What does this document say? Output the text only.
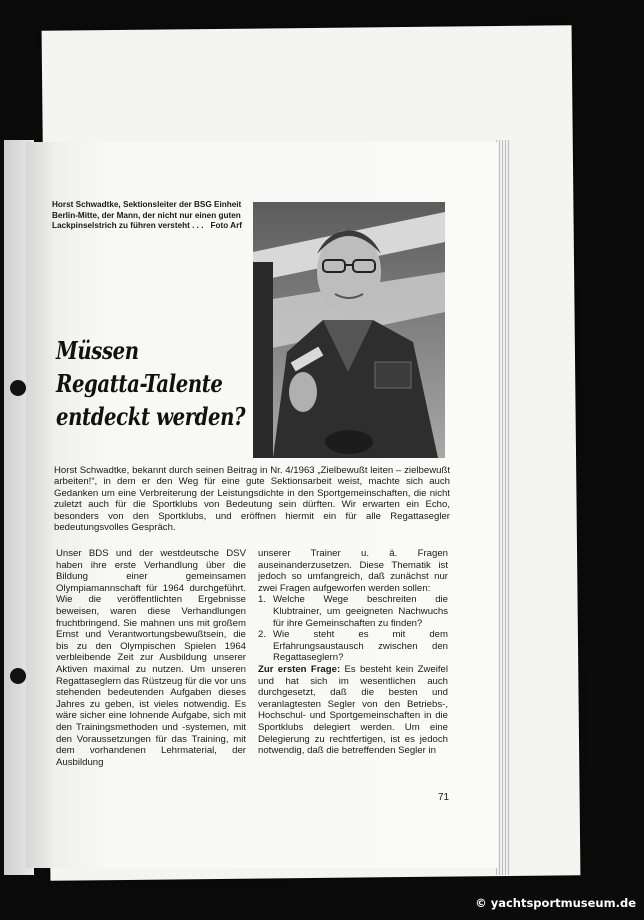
Horst Schwadtke, Sektionsleiter der BSG Einheit Berlin-Mitte, der Mann, der nicht nur einen guten Lackpinselstrich zu führen versteht . . . Foto Arf
Müssen
Regatta-Talente
entdeckt werden?
Horst Schwadtke, bekannt durch seinen Beitrag in Nr. 4/1963 „Zielbewußt leiten – zielbewußt arbeiten!“, in dem er den Weg für eine gute Sektionsarbeit weist, machte sich auch Gedanken um eine Verbreiterung der Leistungsdichte in den Sportgemeinschaften, die nicht zuletzt auch für die Sportklubs von Bedeutung sein dürften. Wir erwarten ein Echo, besonders von den Sportklubs, und eröffnen hiermit ein für alle Regattasegler bedeutungsvolles Gespräch.

Unser BDS und der westdeutsche DSV haben ihre erste Verhandlung über die Bildung einer gemeinsamen Olympiamannschaft für 1964 durchgeführt. Wie die veröffentlichten Ergebnisse beweisen, waren diese Verhandlungen fruchtbringend. Sie mahnen uns mit großem Ernst und Verantwortungsbewußtsein, die bis zu den Olympischen Spielen 1964 verbleibende Zeit zur Ausbildung unserer Aktiven maximal zu nutzen. Um unseren Regattaseglern das Rüstzeug für die vor uns stehenden bedeutenden Aufgaben dieses Jahres zu geben, ist vieles notwendig. Es wäre sicher eine lohnende Aufgabe, sich mit den Trainingsmethoden und -systemen, mit den Voraussetzungen für das Training, mit dem vorhandenen Lehrmaterial, der Ausbildung

unserer Trainer u. ä. Fragen auseinanderzusetzen. Diese Thematik ist jedoch so umfangreich, daß zunächst nur zwei Fragen aufgeworfen werden sollen:

1. Welche Wege beschreiten die Klubtrainer, um geeigneten Nachwuchs für ihre Gemeinschaften zu finden?
2. Wie steht es mit dem Erfahrungsaustausch zwischen den Regattaseglern?

Zur ersten Frage: Es besteht kein Zweifel und hat sich im wesentlichen auch durchgesetzt, daß die besten und veranlagtesten Segler von den Betriebs-, Hochschul- und Sportgemeinschaften in die Sportklubs delegiert werden. Um eine Delegierung zu rechtfertigen, ist es jedoch notwendig, daß die betreffenden Segler in

71
© yachtsportmuseum.de
